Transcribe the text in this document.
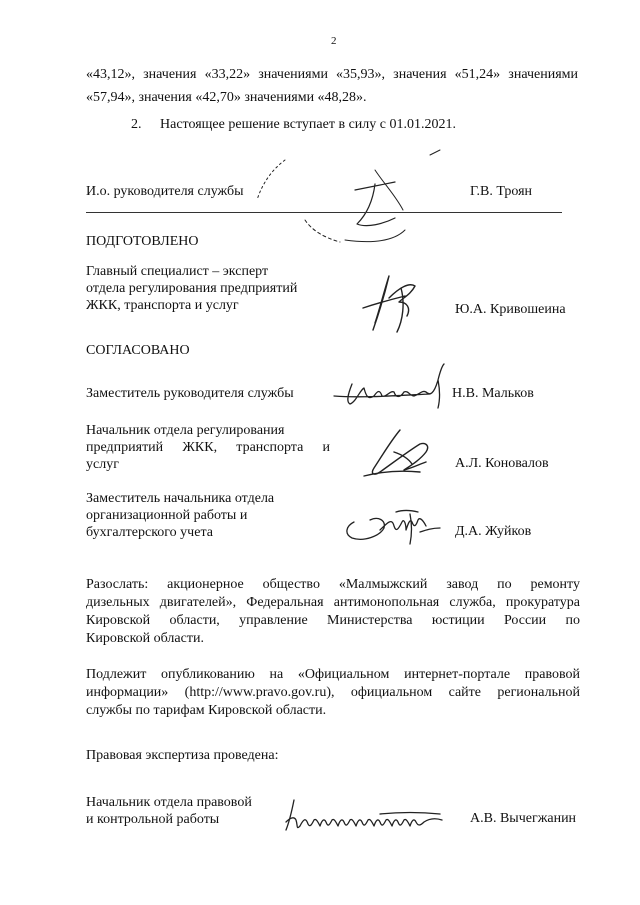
2
«43,12», значения «33,22» значениями «35,93», значения «51,24» значениями
«57,94», значения «42,70» значениями «48,28».
2. Настоящее решение вступает в силу с 01.01.2021.
И.о. руководителя службы	Г.В. Троян
ПОДГОТОВЛЕНО
Главный специалист – эксперт
отдела регулирования предприятий
ЖКК, транспорта и услуг	Ю.А. Кривошеина
СОГЛАСОВАНО
Заместитель руководителя службы	Н.В. Мальков
Начальник отдела регулирования
предприятий ЖКК, транспорта и
услуг	А.Л. Коновалов
Заместитель начальника отдела
организационной работы и
бухгалтерского учета	Д.А. Жуйков
Разослать: акционерное общество «Малмыжский завод по ремонту
дизельных двигателей», Федеральная антимонопольная служба, прокуратура
Кировской области, управление Министерства юстиции России по
Кировской области.
Подлежит опубликованию на «Официальном интернет-портале правовой
информации» (http://www.pravo.gov.ru), официальном сайте региональной
службы по тарифам Кировской области.
Правовая экспертиза проведена:
Начальник отдела правовой
и контрольной работы	А.В. Вычегжанин
